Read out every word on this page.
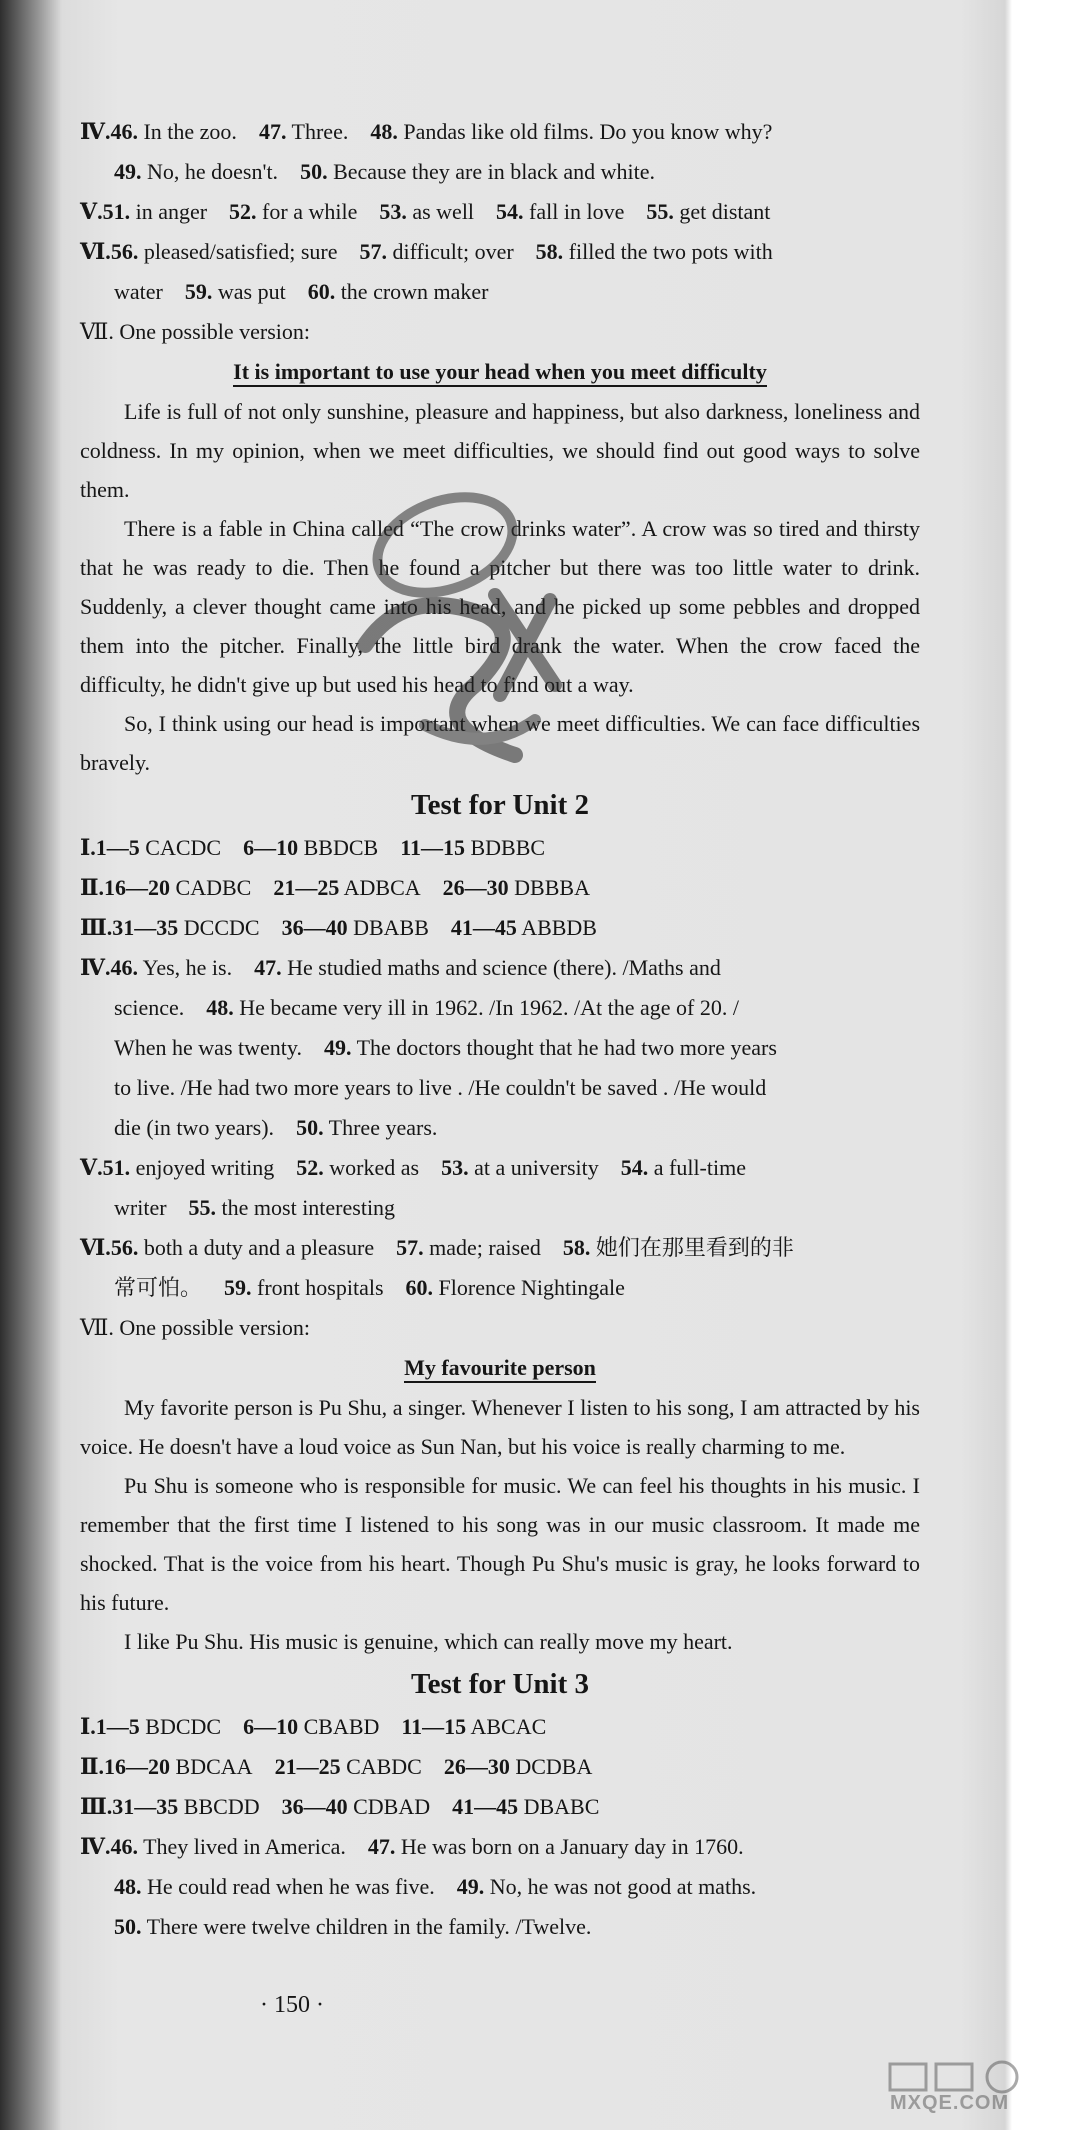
Ⅳ.46. In the zoo.  47. Three.  48. Pandas like old films. Do you know why?
49. No, he doesn't.  50. Because they are in black and white.
Ⅴ.51. in anger  52. for a while  53. as well  54. fall in love  55. get distant
Ⅵ.56. pleased/satisfied; sure  57. difficult; over  58. filled the two pots with
water  59. was put  60. the crown maker
Ⅶ. One possible version:
It is important to use your head when you meet difficulty

Life is full of not only sunshine, pleasure and happiness, but also darkness, loneliness and coldness. In my opinion, when we meet difficulties, we should find out good ways to solve them.

There is a fable in China called “The crow drinks water”. A crow was so tired and thirsty that he was ready to die. Then he found a pitcher but there was too little water to drink. Suddenly, a clever thought came into his head, and he picked up some pebbles and dropped them into the pitcher. Finally, the little bird drank the water. When the crow faced the difficulty, he didn't give up but used his head to find out a way.

So, I think using our head is important when we meet difficulties. We can face difficulties bravely.

Test for Unit 2
Ⅰ.1—5 CACDC  6—10 BBDCB  11—15 BDBBC
Ⅱ.16—20 CADBC  21—25 ADBCA  26—30 DBBBA
Ⅲ.31—35 DCCDC  36—40 DBABB  41—45 ABBDB
Ⅳ.46. Yes, he is.  47. He studied maths and science (there). /Maths and
science.  48. He became very ill in 1962. /In 1962. /At the age of 20. /
When he was twenty.  49. The doctors thought that he had two more years
to live. /He had two more years to live . /He couldn't be saved . /He would
die (in two years).  50. Three years.
Ⅴ.51. enjoyed writing  52. worked as  53. at a university  54. a full-time
writer  55. the most interesting
Ⅵ.56. both a duty and a pleasure  57. made; raised  58. 她们在那里看到的非
常可怕。  59. front hospitals  60. Florence Nightingale
Ⅶ. One possible version:
My favourite person

My favorite person is Pu Shu, a singer. Whenever I listen to his song, I am attracted by his voice. He doesn't have a loud voice as Sun Nan, but his voice is really charming to me.

Pu Shu is someone who is responsible for music. We can feel his thoughts in his music. I remember that the first time I listened to his song was in our music classroom. It made me shocked. That is the voice from his heart. Though Pu Shu's music is gray, he looks forward to his future.

I like Pu Shu. His music is genuine, which can really move my heart.

Test for Unit 3
Ⅰ.1—5 BDCDC  6—10 CBABD  11—15 ABCAC
Ⅱ.16—20 BDCAA  21—25 CABDC  26—30 DCDBA
Ⅲ.31—35 BBCDD  36—40 CDBAD  41—45 DBABC
Ⅳ.46. They lived in America.  47. He was born on a January day in 1760.
48. He could read when he was five.  49. No, he was not good at maths.
50. There were twelve children in the family. /Twelve.
· 150 ·
MXQE.COM
